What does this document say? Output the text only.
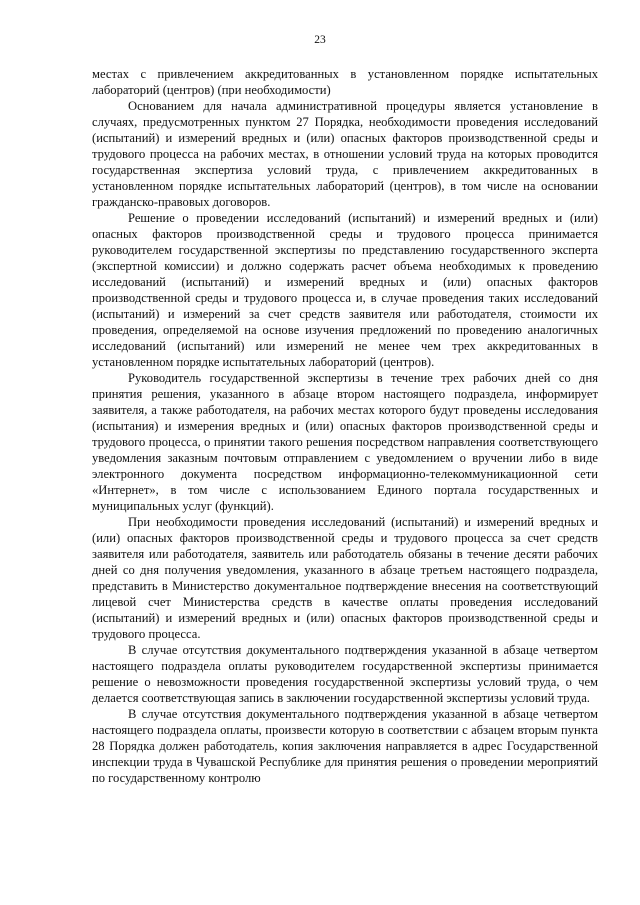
23

местах с привлечением аккредитованных в установленном порядке испытательных лабораторий (центров) (при необходимости)

Основанием для начала административной процедуры является установление в случаях, предусмотренных пунктом 27 Порядка, необходимости проведения исследований (испытаний) и измерений вредных и (или) опасных факторов производственной среды и трудового процесса на рабочих местах, в отношении условий труда на которых проводится государственная экспертиза условий труда, с привлечением аккредитованных в установленном порядке испытательных лабораторий (центров), в том числе на основании гражданско-правовых договоров.

Решение о проведении исследований (испытаний) и измерений вредных и (или) опасных факторов производственной среды и трудового процесса принимается руководителем государственной экспертизы по представлению государственного эксперта (экспертной комиссии) и должно содержать расчет объема необходимых к проведению исследований (испытаний) и измерений вредных и (или) опасных факторов производственной среды и трудового процесса и, в случае проведения таких исследований (испытаний) и измерений за счет средств заявителя или работодателя, стоимости их проведения, определяемой на основе изучения предложений по проведению аналогичных исследований (испытаний) или измерений не менее чем трех аккредитованных в установленном порядке испытательных лабораторий (центров).

Руководитель государственной экспертизы в течение трех рабочих дней со дня принятия решения, указанного в абзаце втором настоящего подраздела, информирует заявителя, а также работодателя, на рабочих местах которого будут проведены исследования (испытания) и измерения вредных и (или) опасных факторов производственной среды и трудового процесса, о принятии такого решения посредством направления соответствующего уведомления заказным почтовым отправлением с уведомлением о вручении либо в виде электронного документа посредством информационно-телекоммуникационной сети «Интернет», в том числе с использованием Единого портала государственных и муниципальных услуг (функций).

При необходимости проведения исследований (испытаний) и измерений вредных и (или) опасных факторов производственной среды и трудового процесса за счет средств заявителя или работодателя, заявитель или работодатель обязаны в течение десяти рабочих дней со дня получения уведомления, указанного в абзаце третьем настоящего подраздела, представить в Министерство документальное подтверждение внесения на соответствующий лицевой счет Министерства средств в качестве оплаты проведения исследований (испытаний) и измерений вредных и (или) опасных факторов производственной среды и трудового процесса.

В случае отсутствия документального подтверждения указанной в абзаце четвертом настоящего подраздела оплаты руководителем государственной экспертизы принимается решение о невозможности проведения государственной экспертизы условий труда, о чем делается соответствующая запись в заключении государственной экспертизы условий труда.

В случае отсутствия документального подтверждения указанной в абзаце четвертом настоящего подраздела оплаты, произвести которую в соответствии с абзацем вторым пункта 28 Порядка должен работодатель, копия заключения направляется в адрес Государственной инспекции труда в Чувашской Республике для принятия решения о проведении мероприятий по государственному контролю
